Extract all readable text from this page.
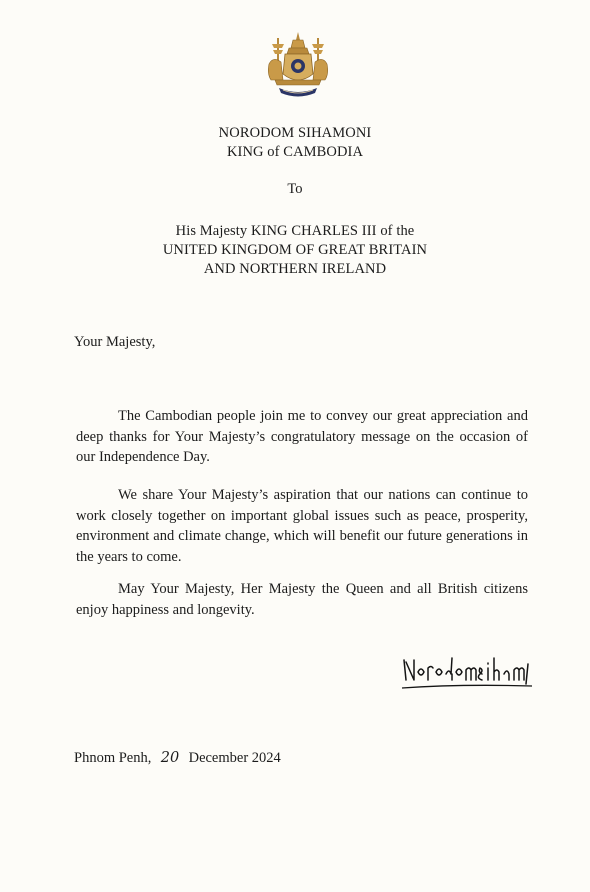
NORODOM SIHAMONI
KING of CAMBODIA
To
His Majesty KING CHARLES III of the
UNITED KINGDOM OF GREAT BRITAIN
AND NORTHERN IRELAND
Your Majesty,

The Cambodian people join me to convey our great appreciation and deep thanks for Your Majesty’s congratulatory message on the occasion of our Independence Day.

We share Your Majesty’s aspiration that our nations can continue to work closely together on important global issues such as peace, prosperity, environment and climate change, which will benefit our future generations in the years to come.

May Your Majesty, Her Majesty the Queen and all British citizens enjoy happiness and longevity.

Phnom Penh, 20 December 2024
